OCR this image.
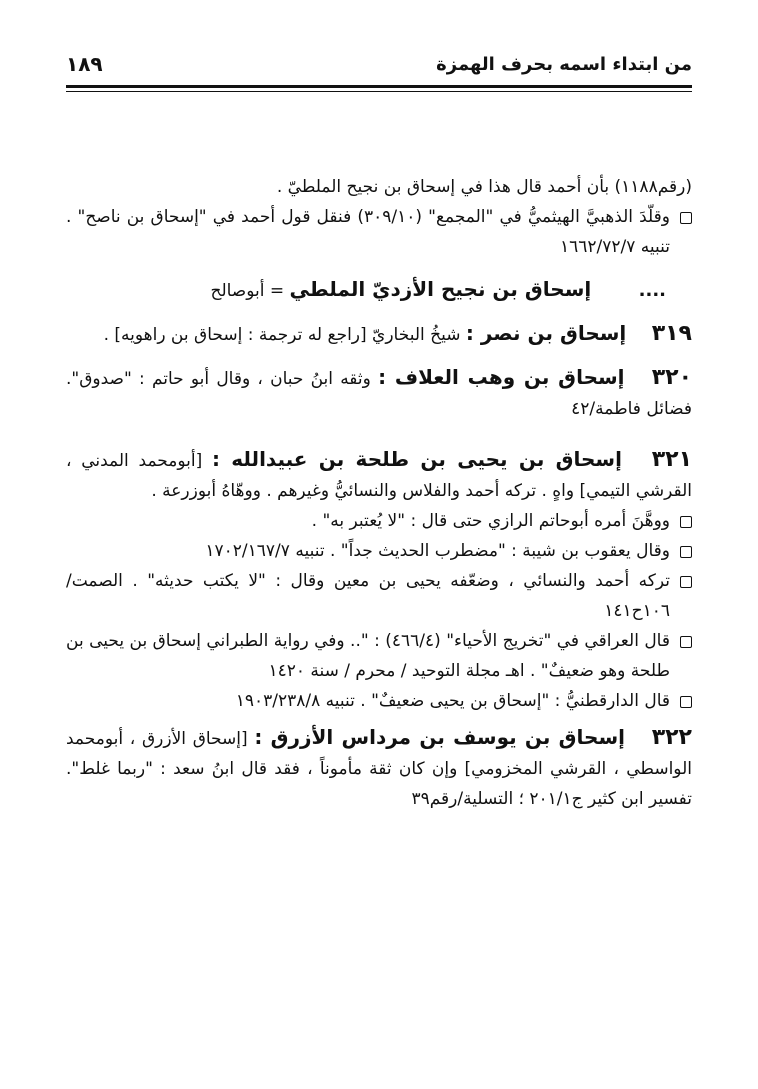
من ابتداء اسمه بحرف الهمزة
١٨٩

(رقم١١٨٨) بأن أحمد قال هذا في إسحاق بن نجيح الملطيّ .

وقلّدَ الذهبيَّ الهيثميُّ في "المجمع" (٣٠٩/١٠) فنقل قول أحمد في "إسحاق بن ناصح" . تنبيه ١٦٦٢/٧٢/٧

.... إسحاق بن نجيح الأزديّ الملطي = أبوصالح

٣١٩ إسحاق بن نصر : شيخُ البخاريّ [راجع له ترجمة : إسحاق بن راهويه] .

٣٢٠ إسحاق بن وهب العلاف : وثقه ابنُ حبان ، وقال أبو حاتم : "صدوق". فضائل فاطمة/٤٢

٣٢١ إسحاق بن يحيى بن طلحة بن عبيدالله : [أبومحمد المدني ، القرشي التيمي] واهٍ . تركه أحمد والفلاس والنسائيُّ وغيرهم . ووهّاهُ أبوزرعة .

ووهَّنَ أمره أبوحاتم الرازي حتى قال : "لا يُعتبر به" .

وقال يعقوب بن شيبة : "مضطرب الحديث جداً" . تنبيه ١٧٠٢/١٦٧/٧

تركه أحمد والنسائي ، وضعّفه يحيى بن معين وقال : "لا يكتب حديثه" . الصمت/١٠٦ح١٤١

قال العراقي في "تخريج الأحياء" (٤٦٦/٤) : ".. وفي رواية الطبراني إسحاق بن يحيى بن طلحة وهو ضعيفٌ" . اهـ مجلة التوحيد / محرم / سنة ١٤٢٠

قال الدارقطنيُّ : "إسحاق بن يحيى ضعيفٌ" . تنبيه ١٩٠٣/٢٣٨/٨

٣٢٢ إسحاق بن يوسف بن مرداس الأزرق : [إسحاق الأزرق ، أبومحمد الواسطي ، القرشي المخزومي] وإن كان ثقة مأموناً ، فقد قال ابنُ سعد : "ربما غلط". تفسير ابن كثير ج٢٠١/١ ؛ التسلية/رقم٣٩
